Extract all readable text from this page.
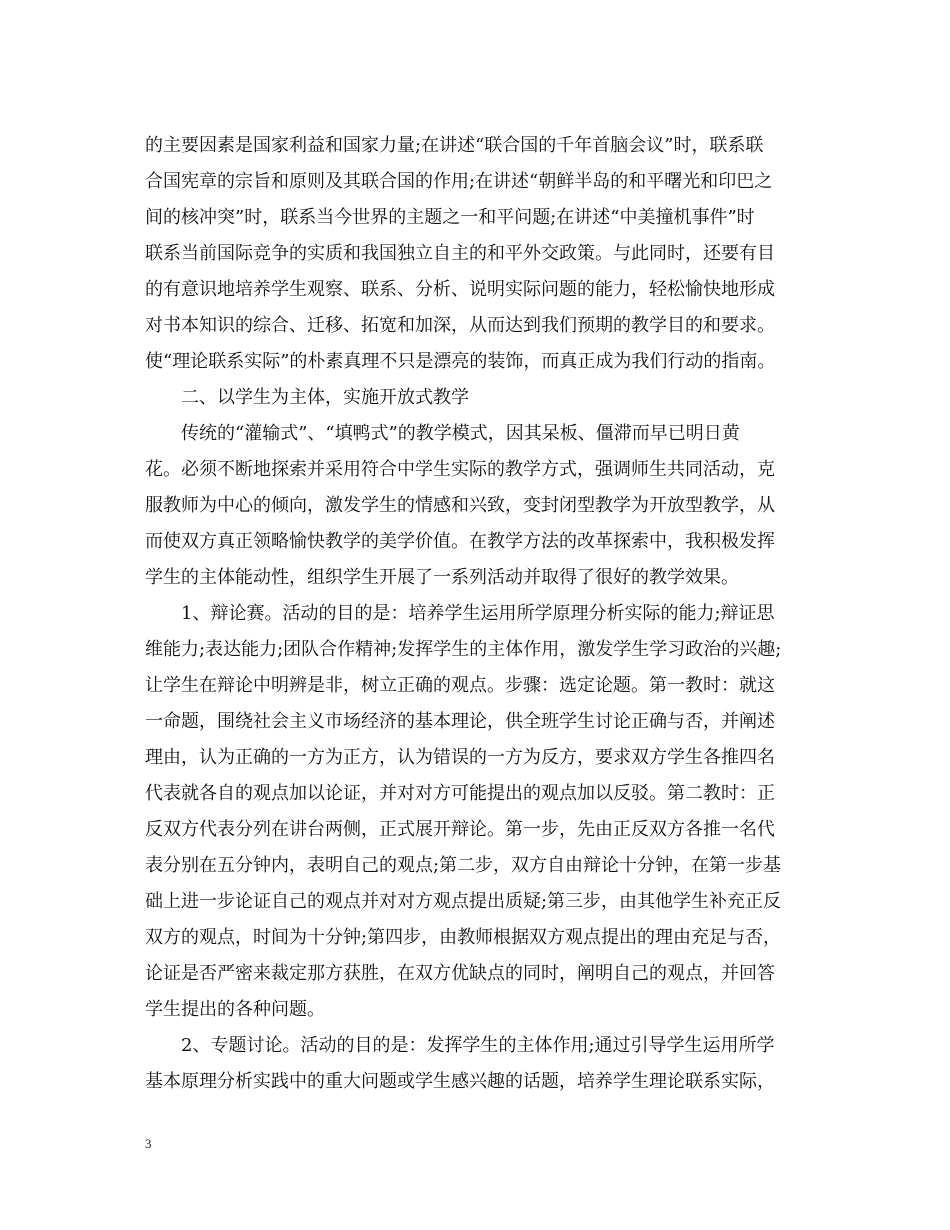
的主要因素是国家利益和国家力量;在讲述“联合国的千年首脑会议”时，联系联
合国宪章的宗旨和原则及其联合国的作用;在讲述“朝鲜半岛的和平曙光和印巴之
间的核冲突”时，联系当今世界的主题之一和平问题;在讲述“中美撞机事件”时
联系当前国际竞争的实质和我国独立自主的和平外交政策。与此同时，还要有目
的有意识地培养学生观察、联系、分析、说明实际问题的能力，轻松愉快地形成
对书本知识的综合、迁移、拓宽和加深，从而达到我们预期的教学目的和要求。
使“理论联系实际”的朴素真理不只是漂亮的装饰，而真正成为我们行动的指南。
　　二、以学生为主体，实施开放式教学
　　传统的“灌输式”、“填鸭式”的教学模式，因其呆板、僵滞而早已明日黄
花。必须不断地探索并采用符合中学生实际的教学方式，强调师生共同活动，克
服教师为中心的倾向，激发学生的情感和兴致，变封闭型教学为开放型教学，从
而使双方真正领略愉快教学的美学价值。在教学方法的改革探索中，我积极发挥
学生的主体能动性，组织学生开展了一系列活动并取得了很好的教学效果。
　　1、辩论赛。活动的目的是：培养学生运用所学原理分析实际的能力;辩证思
维能力;表达能力;团队合作精神;发挥学生的主体作用，激发学生学习政治的兴趣;
让学生在辩论中明辨是非，树立正确的观点。步骤：选定论题。第一教时：就这
一命题，围绕社会主义市场经济的基本理论，供全班学生讨论正确与否，并阐述
理由，认为正确的一方为正方，认为错误的一方为反方，要求双方学生各推四名
代表就各自的观点加以论证，并对对方可能提出的观点加以反驳。第二教时：正
反双方代表分列在讲台两侧，正式展开辩论。第一步，先由正反双方各推一名代
表分别在五分钟内，表明自己的观点;第二步，双方自由辩论十分钟，在第一步基
础上进一步论证自己的观点并对对方观点提出质疑;第三步，由其他学生补充正反
双方的观点，时间为十分钟;第四步，由教师根据双方观点提出的理由充足与否，
论证是否严密来裁定那方获胜，在双方优缺点的同时，阐明自己的观点，并回答
学生提出的各种问题。
　　2、专题讨论。活动的目的是：发挥学生的主体作用;通过引导学生运用所学
基本原理分析实践中的重大问题或学生感兴趣的话题，培养学生理论联系实际，
3
